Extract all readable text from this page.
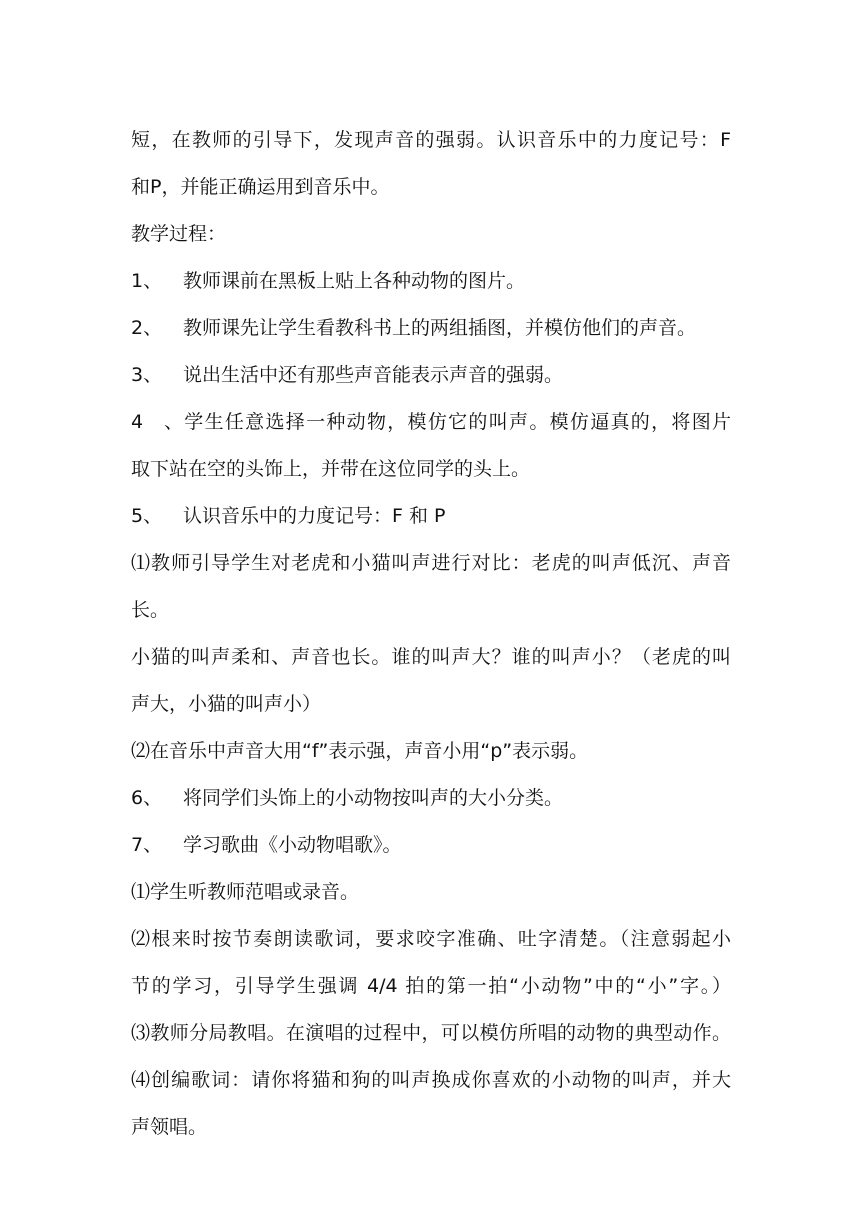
短，在教师的引导下，发现声音的强弱。认识音乐中的力度记号：F
和P，并能正确运用到音乐中。
教学过程：
1、 教师课前在黑板上贴上各种动物的图片。
2、 教师课先让学生看教科书上的两组插图，并模仿他们的声音。
3、 说出生活中还有那些声音能表示声音的强弱。
4、学生任意选择一种动物，模仿它的叫声。模仿逼真的，将图片
取下站在空的头饰上，并带在这位同学的头上。
5、 认识音乐中的力度记号：F 和 P
⑴教师引导学生对老虎和小猫叫声进行对比：老虎的叫声低沉、声音
长。
小猫的叫声柔和、声音也长。谁的叫声大？谁的叫声小？（老虎的叫
声大，小猫的叫声小）
⑵在音乐中声音大用“f”表示强，声音小用“p”表示弱。
6、 将同学们头饰上的小动物按叫声的大小分类。
7、 学习歌曲《小动物唱歌》。
⑴学生听教师范唱或录音。
⑵根来时按节奏朗读歌词，要求咬字准确、吐字清楚。（注意弱起小
节的学习，引导学生强调 4/4 拍的第一拍“小动物”中的“小”字。）
⑶教师分局教唱。在演唱的过程中，可以模仿所唱的动物的典型动作。
⑷创编歌词：请你将猫和狗的叫声换成你喜欢的小动物的叫声，并大
声领唱。
